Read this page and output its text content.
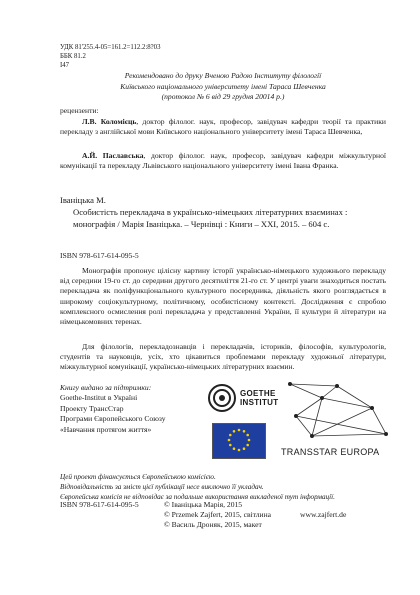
УДК 81'255.4-05=161.2=112.2:8?03
ББК 81.2
І47
Рекомендовано до друку Вченою Радою Інституту філології
Київського національного університету імені Тараса Шевченка
(протокол № 6 від 29 грудня 20014 р.)
рецензенти:
Л.В. Коломієць, доктор філолог. наук, професор, завідувач кафедри теорії та практики перекладу з англійської мови Київського національного університету імені Тараса Шевченка,
А.Й. Паславська, доктор філолог. наук, професор, завідувач кафедри міжкультурної комунікації та перекладу Львівського національного університету імені Івана Франка.
Іваніцька М.
Особистість перекладача в українсько-німецьких літературних взаєминах : монографія / Марія Іваніцька. – Чернівці : Книги – XXI, 2015. – 604 с.
ISBN 978-617-614-095-5
Монографія пропонує цілісну картину історії українсько-німецького художнього перекладу від середини 19-го ст. до середини другого десятиліття 21-го ст. У центрі уваги знаходиться постать перекладача як поліфункціонального культурного посередника, діяльність якого розглядається в широкому соціокультурному, політичному, особистісному контексті. Дослідження є спробою комплексного осмислення ролі перекладача у представленні України, її культури й літератури на німецькомовних теренах.
Для філологів, перекладознавців і перекладачів, істориків, філософів, культурологів, студентів та науковців, усіх, хто цікавиться проблемами перекладу художньої літератури, міжкультурної комунікації, українсько-німецьких літературних взаємин.
Книгу видано за підтримки:
Goethe-Institut в Україні
Проекту ТрансСтар
Програми Європейського Союзу
«Навчання протягом життя»
GOETHE
INSTITUT
TRANSSTAR EUROPA
Цей проект фінансується Європейською комісією.
Відповідальність за зміст цієї публікації несе виключно її укладач.
Європейська комісія не відповідає за подальше використання викладеної тут інформації.
ISBN 978-617-614-095-5	© Іваніцька Марія, 2015
© Przemek Zajfert, 2015, світлина
© Василь Дроняк, 2015, макет
www.zajfert.de
